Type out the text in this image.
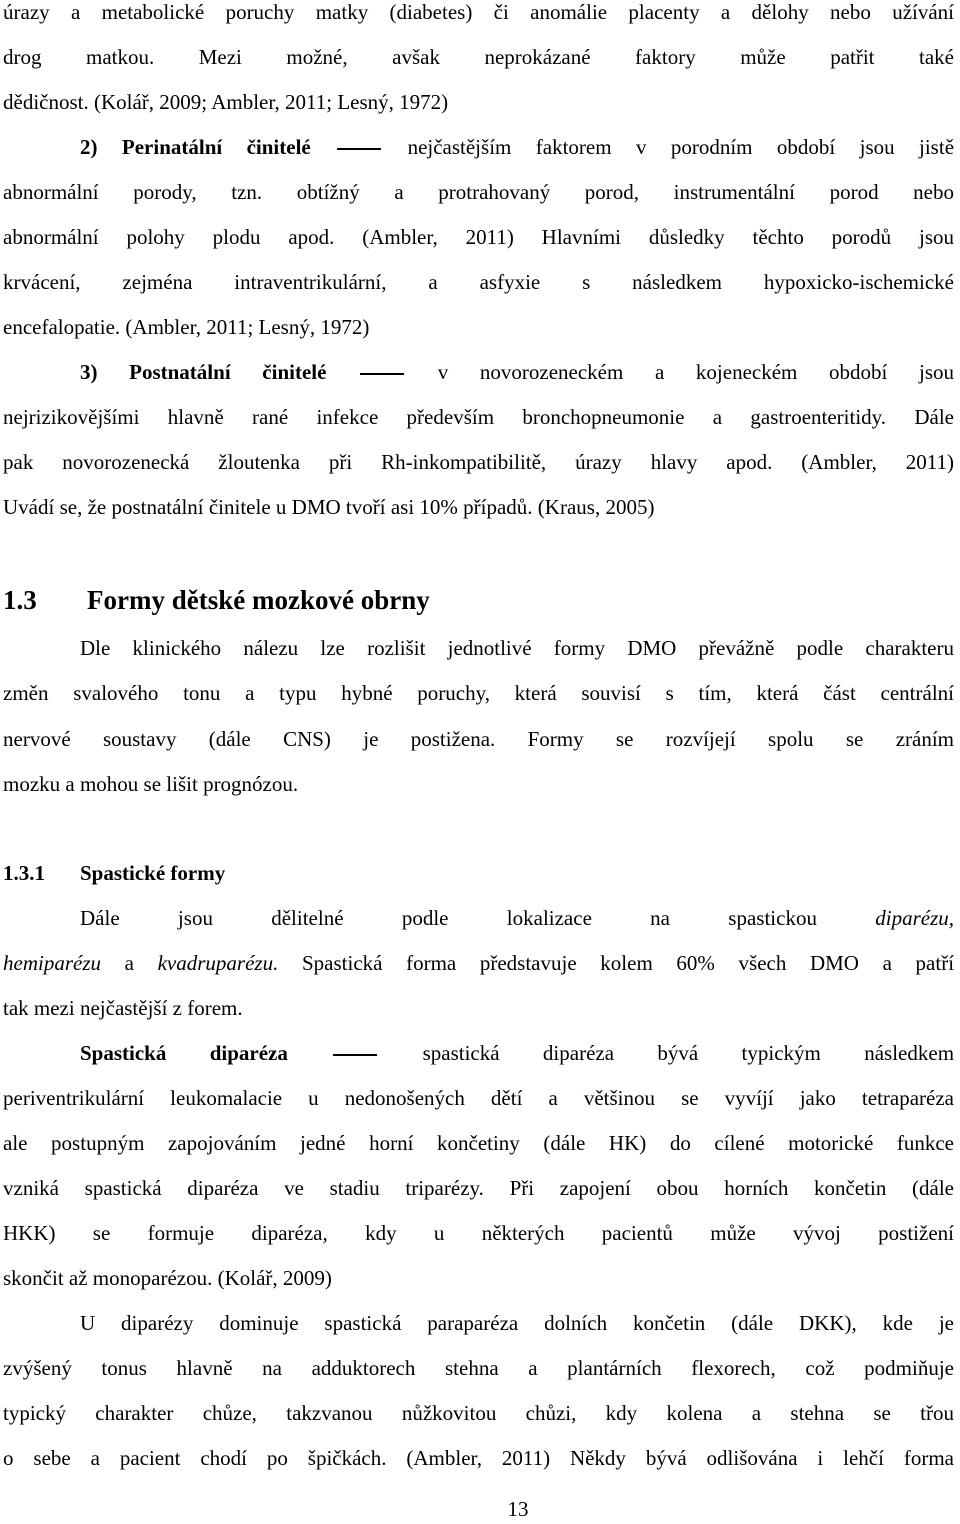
úrazy a metabolické poruchy matky (diabetes) či anomálie placenty a dělohy nebo užívání
drog matkou. Mezi možné, avšak neprokázané faktory může patřit také
dědičnost. (Kolář, 2009; Ambler, 2011; Lesný, 1972)
2) Perinatální činitelé	nejčastějším faktorem v porodním období jsou jistě
abnormální porody, tzn. obtížný a protrahovaný porod, instrumentální porod nebo
abnormální polohy plodu apod. (Ambler, 2011) Hlavními důsledky těchto porodů jsou
krvácení, zejména intraventrikulární, a asfyxie s následkem hypoxicko-ischemické
encefalopatie. (Ambler, 2011; Lesný, 1972)
3) Postnatální činitelé	v novorozeneckém a kojeneckém období jsou
nejrizikovějšími hlavně rané infekce především bronchopneumonie a gastroenteritidy. Dále
pak novorozenecká žloutenka při Rh-inkompatibilitě, úrazy hlavy apod. (Ambler, 2011)
Uvádí se, že postnatální činitele u DMO tvoří asi 10% případů. (Kraus, 2005)
1.3 Formy dětské mozkové obrny
Dle klinického nálezu lze rozlišit jednotlivé formy DMO převážně podle charakteru
změn svalového tonu a typu hybné poruchy, která souvisí s tím, která část centrální
nervové soustavy (dále CNS) je postižena. Formy se rozvíjejí spolu se zráním
mozku a mohou se lišit prognózou.
1.3.1 Spastické formy
Dále jsou dělitelné podle lokalizace na spastickou	diparézu,
hemiparézu a kvadruparézu. Spastická forma představuje kolem 60% všech DMO a patří
tak mezi nejčastější z forem.
Spastická diparéza	spastická diparéza bývá typickým následkem
periventrikulární leukomalacie u nedonošených dětí a většinou se vyvíjí jako tetraparéza
ale postupným zapojováním jedné horní končetiny (dále HK) do cílené motorické funkce
vzniká spastická diparéza ve stadiu triparézy. Při zapojení obou horních končetin (dále
HKK) se formuje diparéza, kdy u některých pacientů může vývoj postižení
skončit až monoparézou. (Kolář, 2009)
U diparézy dominuje spastická paraparéza dolních končetin (dále DKK), kde je
zvýšený tonus hlavně na adduktorech stehna a plantárních flexorech, což podmiňuje
typický charakter chůze, takzvanou nůžkovitou chůzi, kdy kolena a stehna se třou
o sebe a pacient chodí po špičkách. (Ambler, 2011) Někdy bývá odlišována i lehčí forma
13
